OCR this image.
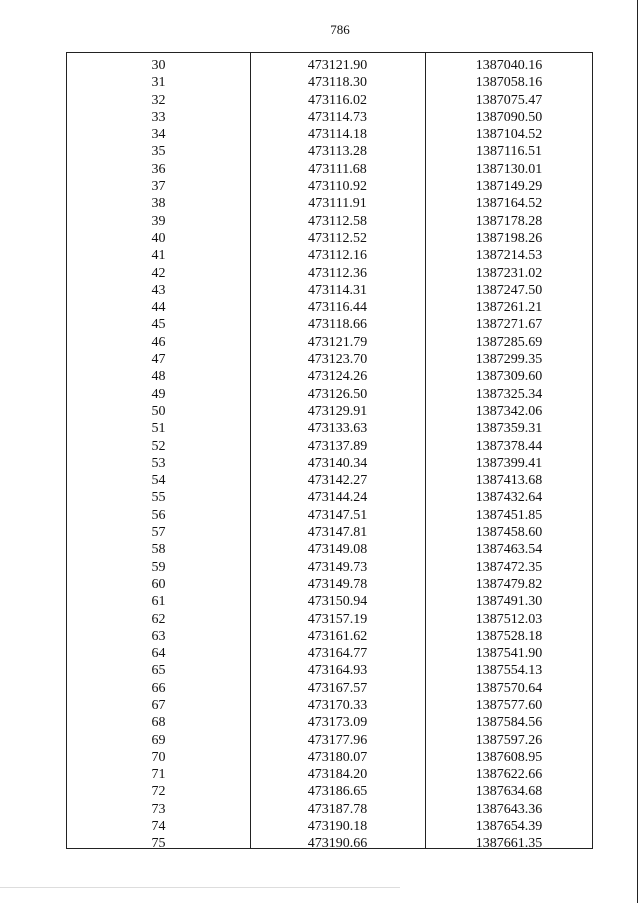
786
30	473121.90	1387040.16
31	473118.30	1387058.16
32	473116.02	1387075.47
33	473114.73	1387090.50
34	473114.18	1387104.52
35	473113.28	1387116.51
36	473111.68	1387130.01
37	473110.92	1387149.29
38	473111.91	1387164.52
39	473112.58	1387178.28
40	473112.52	1387198.26
41	473112.16	1387214.53
42	473112.36	1387231.02
43	473114.31	1387247.50
44	473116.44	1387261.21
45	473118.66	1387271.67
46	473121.79	1387285.69
47	473123.70	1387299.35
48	473124.26	1387309.60
49	473126.50	1387325.34
50	473129.91	1387342.06
51	473133.63	1387359.31
52	473137.89	1387378.44
53	473140.34	1387399.41
54	473142.27	1387413.68
55	473144.24	1387432.64
56	473147.51	1387451.85
57	473147.81	1387458.60
58	473149.08	1387463.54
59	473149.73	1387472.35
60	473149.78	1387479.82
61	473150.94	1387491.30
62	473157.19	1387512.03
63	473161.62	1387528.18
64	473164.77	1387541.90
65	473164.93	1387554.13
66	473167.57	1387570.64
67	473170.33	1387577.60
68	473173.09	1387584.56
69	473177.96	1387597.26
70	473180.07	1387608.95
71	473184.20	1387622.66
72	473186.65	1387634.68
73	473187.78	1387643.36
74	473190.18	1387654.39
75	473190.66	1387661.35
